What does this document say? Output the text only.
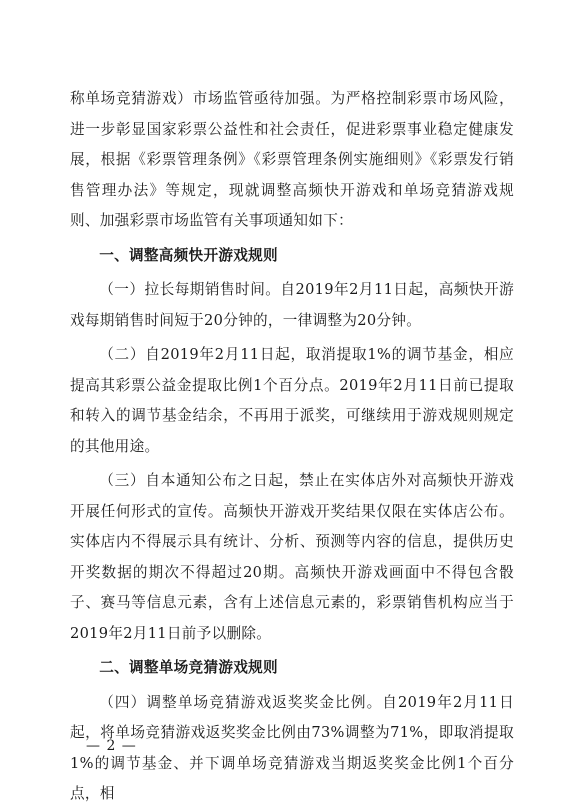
称单场竞猜游戏）市场监管亟待加强。为严格控制彩票市场风险，进一步彰显国家彩票公益性和社会责任，促进彩票事业稳定健康发展，根据《彩票管理条例》《彩票管理条例实施细则》《彩票发行销售管理办法》等规定，现就调整高频快开游戏和单场竞猜游戏规则、加强彩票市场监管有关事项通知如下：

一、调整高频快开游戏规则

（一）拉长每期销售时间。自2019年2月11日起，高频快开游戏每期销售时间短于20分钟的，一律调整为20分钟。

（二）自2019年2月11日起，取消提取1%的调节基金，相应提高其彩票公益金提取比例1个百分点。2019年2月11日前已提取和转入的调节基金结余，不再用于派奖，可继续用于游戏规则规定的其他用途。

（三）自本通知公布之日起，禁止在实体店外对高频快开游戏开展任何形式的宣传。高频快开游戏开奖结果仅限在实体店公布。实体店内不得展示具有统计、分析、预测等内容的信息，提供历史开奖数据的期次不得超过20期。高频快开游戏画面中不得包含骰子、赛马等信息元素，含有上述信息元素的，彩票销售机构应当于2019年2月11日前予以删除。

二、调整单场竞猜游戏规则

（四）调整单场竞猜游戏返奖奖金比例。自2019年2月11日起，将单场竞猜游戏返奖奖金比例由73%调整为71%，即取消提取1%的调节基金、并下调单场竞猜游戏当期返奖奖金比例1个百分点，相

— 2 —
